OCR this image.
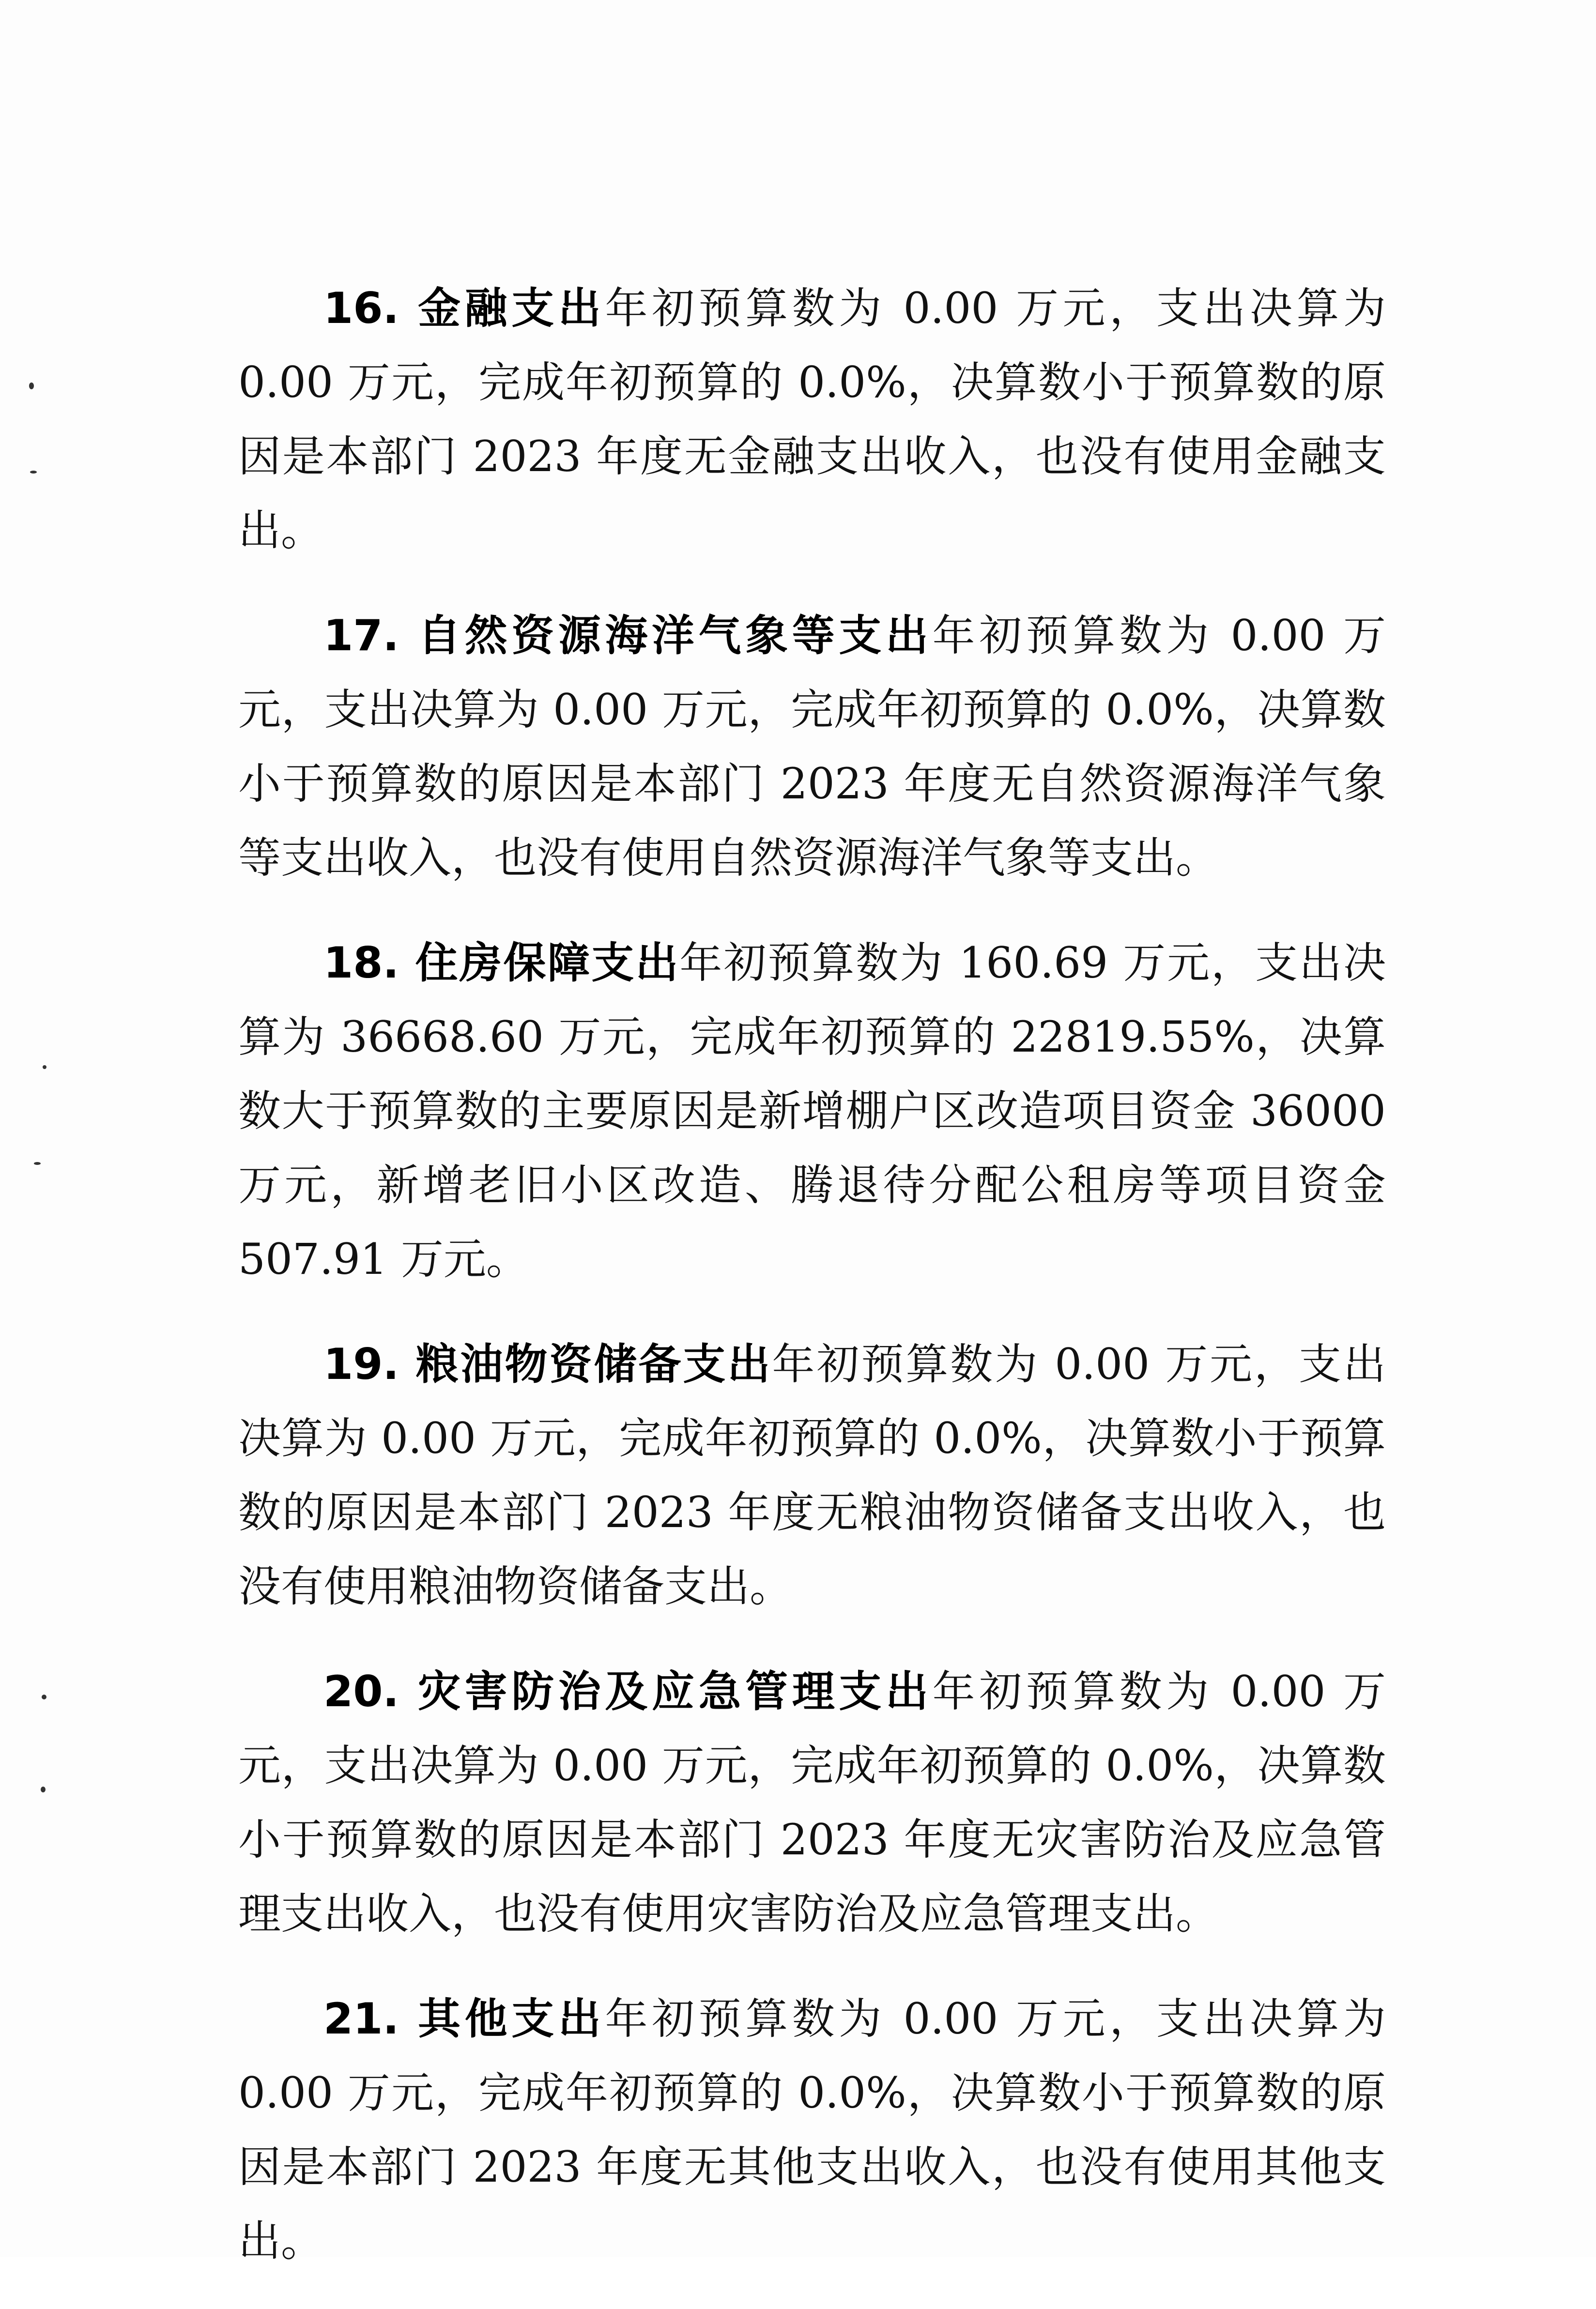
16. 金融支出年初预算数为 0.00 万元，支出决算为 0.00 万元，完成年初预算的 0.0%，决算数小于预算数的原因是本部门 2023 年度无金融支出收入，也没有使用金融支出。

17. 自然资源海洋气象等支出年初预算数为 0.00 万元，支出决算为 0.00 万元，完成年初预算的 0.0%，决算数小于预算数的原因是本部门 2023 年度无自然资源海洋气象等支出收入，也没有使用自然资源海洋气象等支出。

18. 住房保障支出年初预算数为 160.69 万元，支出决算为 36668.60 万元，完成年初预算的 22819.55%，决算数大于预算数的主要原因是新增棚户区改造项目资金 36000 万元，新增老旧小区改造、腾退待分配公租房等项目资金 507.91 万元。

19. 粮油物资储备支出年初预算数为 0.00 万元，支出决算为 0.00 万元，完成年初预算的 0.0%，决算数小于预算数的原因是本部门 2023 年度无粮油物资储备支出收入，也没有使用粮油物资储备支出。

20. 灾害防治及应急管理支出年初预算数为 0.00 万元，支出决算为 0.00 万元，完成年初预算的 0.0%，决算数小于预算数的原因是本部门 2023 年度无灾害防治及应急管理支出收入，也没有使用灾害防治及应急管理支出。

21. 其他支出年初预算数为 0.00 万元，支出决算为 0.00 万元，完成年初预算的 0.0%，决算数小于预算数的原因是本部门 2023 年度无其他支出收入，也没有使用其他支出。
